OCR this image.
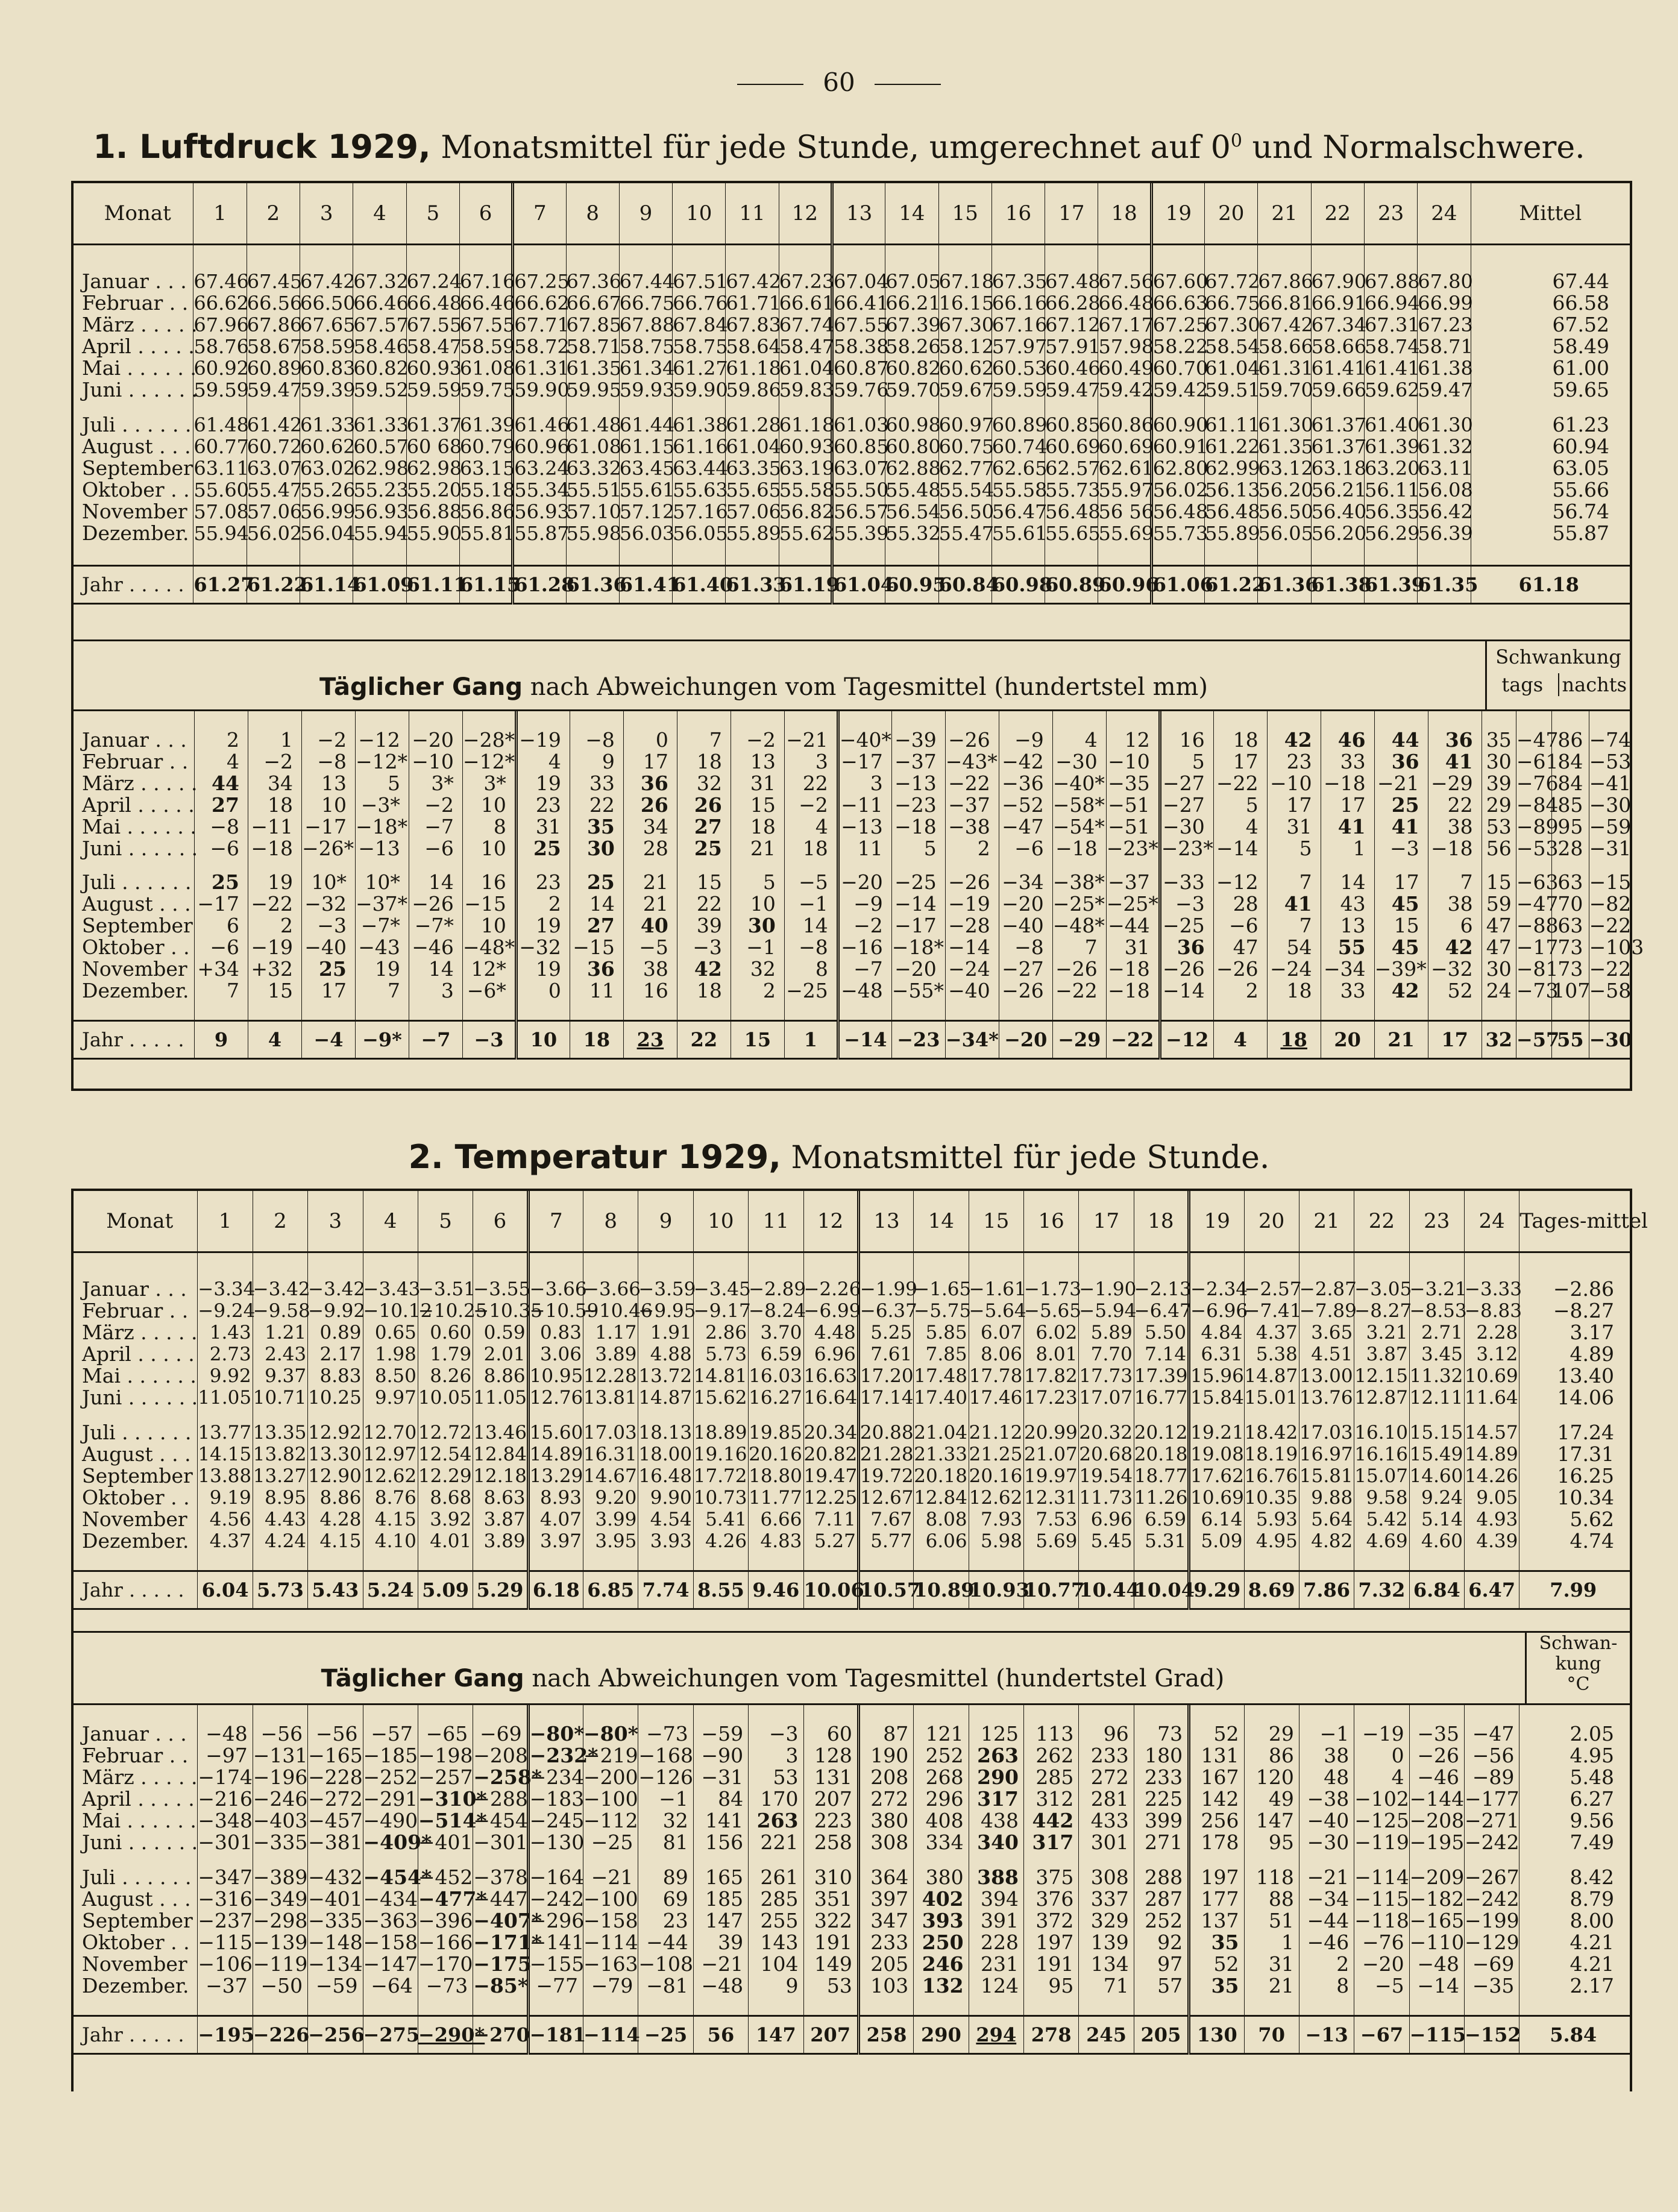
60
1. Luftdruck 1929, Monatsmittel für jede Stunde, umgerechnet auf $0^0$ und Normalschwere.
Monat	1	2	3	4	5	6	7	8	9	10	11	12	13	14	15	16	17	18	19	20	21	22	23	24	Mittel

Januar . . .	67.46	67.45	67.42	67.32	67.24	67.16	67.25	67.36	67.44	67.51	67.42	67.23	67.04	67.05	67.18	67.35	67.48	67.56	67.60	67.72	67.86	67.90	67.88	67.80	67.44
Februar . .	66.62	66.56	66.50	66.46	66.48	66.46	66.62	66.67	66.75	66.76	61.71	66.61	66.41	66.21	16.15	66.16	66.28	66.48	66.63	66.75	66.81	66.91	66.94	66.99	66.58
März . . . . .	67.96	67.86	67.65	67.57	67.55	67.55	67.71	67.85	67.88	67.84	67.83	67.74	67.55	67.39	67.30	67.16	67.12	67.17	67.25	67.30	67.42	67.34	67.31	67.23	67.52
April . . . . .	58.76	58.67	58.59	58.46	58.47	58.59	58.72	58.71	58.75	58.75	58.64	58.47	58.38	58.26	58.12	57.97	57.91	57.98	58.22	58.54	58.66	58.66	58.74	58.71	58.49
Mai . . . . . .	60.92	60.89	60.83	60.82	60.93	61.08	61.31	61.35	61.34	61.27	61.18	61.04	60.87	60.82	60.62	60.53	60.46	60.49	60.70	61.04	61.31	61.41	61.41	61.38	61.00
Juni . . . . . .	59.59	59.47	59.39	59.52	59.59	59.75	59.90	59.95	59.93	59.90	59.86	59.83	59.76	59.70	59.67	59.59	59.47	59.42	59.42	59.51	59.70	59.66	59.62	59.47	59.65
Juli . . . . . .	61.48	61.42	61.33	61.33	61.37	61.39	61.46	61.48	61.44	61.38	61.28	61.18	61.03	60.98	60.97	60.89	60.85	60.86	60.90	61.11	61.30	61.37	61.40	61.30	61.23
August . . .	60.77	60.72	60.62	60.57	60 68	60.79	60.96	61.08	61.15	61.16	61.04	60.93	60.85	60.80	60.75	60.74	60.69	60.69	60.91	61.22	61.35	61.37	61.39	61.32	60.94
September	63.11	63.07	63.02	62.98	62.98	63.15	63.24	63.32	63.45	63.44	63.35	63.19	63.07	62.88	62.77	62.65	62.57	62.61	62.80	62.99	63.12	63.18	63.20	63.11	63.05
Oktober . .	55.60	55.47	55.26	55.23	55.20	55.18	55.34	55.51	55.61	55.63	55.65	55.58	55.50	55.48	55.54	55.58	55.73	55.97	56.02	56.13	56.20	56.21	56.11	56.08	55.66
November	57.08	57.06	56.99	56.93	56.88	56.86	56.93	57.10	57.12	57.16	57.06	56.82	56.57	56.54	56.50	56.47	56.48	56 56	56.48	56.48	56.50	56.40	56.35	56.42	56.74
Dezember.	55.94	56.02	56.04	55.94	55.90	55.81	55.87	55.98	56.03	56.05	55.89	55.62	55.39	55.32	55.47	55.61	55.65	55.69	55.73	55.89	56.05	56.20	56.29	56.39	55.87

Jahr . . . . .	61.27	61.22	61.14	61.09	61.11	61.15	61.28	61.36	61.41	61.40	61.33	61.19	61.04	60.95	60.84	60.98	60.89	60.96	61.06	61.22	61.36	61.38	61.39	61.35	61.18
Täglicher Gang nach Abweichungen vom Tagesmittel (hundertstel mm)
Schwankung
tags nachts

Januar . . .	2	1	−2	−12	−20	−28*	−19	−8	0	7	−2	−21	−40*	−39	−26	−9	4	12	16	18	42	46	44	36	35	−47	86	−74
Februar . .	4	−2	−8	−12*	−10	−12*	4	9	17	18	13	3	−17	−37	−43*	−42	−30	−10	5	17	23	33	36	41	30	−61	84	−53
März . . . . .	44	34	13	5	3*	3*	19	33	36	32	31	22	3	−13	−22	−36	−40*	−35	−27	−22	−10	−18	−21	−29	39	−76	84	−41
April . . . . .	27	18	10	−3*	−2	10	23	22	26	26	15	−2	−11	−23	−37	−52	−58*	−51	−27	5	17	17	25	22	29	−84	85	−30
Mai . . . . . .	−8	−11	−17	−18*	−7	8	31	35	34	27	18	4	−13	−18	−38	−47	−54*	−51	−30	4	31	41	41	38	53	−89	95	−59
Juni . . . . . .	−6	−18	−26*	−13	−6	10	25	30	28	25	21	18	11	5	2	−6	−18	−23*	−23*	−14	5	1	−3	−18	56	−53	28	−31
Juli . . . . . .	25	19	10*	10*	14	16	23	25	21	15	5	−5	−20	−25	−26	−34	−38*	−37	−33	−12	7	14	17	7	15	−63	63	−15
August . . .	−17	−22	−32	−37*	−26	−15	2	14	21	22	10	−1	−9	−14	−19	−20	−25*	−25*	−3	28	41	43	45	38	59	−47	70	−82
September	6	2	−3	−7*	−7*	10	19	27	40	39	30	14	−2	−17	−28	−40	−48*	−44	−25	−6	7	13	15	6	47	−88	63	−22
Oktober . .	−6	−19	−40	−43	−46	−48*	−32	−15	−5	−3	−1	−8	−16	−18*	−14	−8	7	31	36	47	54	55	45	42	47	−17	73	−103
November	+34	+32	25	19	14	12*	19	36	38	42	32	8	−7	−20	−24	−27	−26	−18	−26	−26	−24	−34	−39*	−32	30	−81	73	−22
Dezember.	7	15	17	7	3	−6*	0	11	16	18	2	−25	−48	−55*	−40	−26	−22	−18	−14	2	18	33	42	52	24	−73	107	−58

Jahr . . . . .	9	4	−4	−9*	−7	−3	10	18	23	22	15	1	−14	−23	−34*	−20	−29	−22	−12	4	18	20	21	17	32	−57	55	−30
2. Temperatur 1929, Monatsmittel für jede Stunde.
Monat	1	2	3	4	5	6	7	8	9	10	11	12	13	14	15	16	17	18	19	20	21	22	23	24	Tages-mittel

Januar . . .	−3.34	−3.42	−3.42	−3.43	−3.51	−3.55	−3.66	−3.66	−3.59	−3.45	−2.89	−2.26	−1.99	−1.65	−1.61	−1.73	−1.90	−2.13	−2.34	−2.57	−2.87	−3.05	−3.21	−3.33	−2.86
Februar . .	−9.24	−9.58	−9.92	−10.12	−10.25	−10.35	−10.59	−10.46	−9.95	−9.17	−8.24	−6.99	−6.37	−5.75	−5.64	−5.65	−5.94	−6.47	−6.96	−7.41	−7.89	−8.27	−8.53	−8.83	−8.27
März . . . . .	1.43	1.21	0.89	0.65	0.60	0.59	0.83	1.17	1.91	2.86	3.70	4.48	5.25	5.85	6.07	6.02	5.89	5.50	4.84	4.37	3.65	3.21	2.71	2.28	3.17
April . . . . .	2.73	2.43	2.17	1.98	1.79	2.01	3.06	3.89	4.88	5.73	6.59	6.96	7.61	7.85	8.06	8.01	7.70	7.14	6.31	5.38	4.51	3.87	3.45	3.12	4.89
Mai . . . . . .	9.92	9.37	8.83	8.50	8.26	8.86	10.95	12.28	13.72	14.81	16.03	16.63	17.20	17.48	17.78	17.82	17.73	17.39	15.96	14.87	13.00	12.15	11.32	10.69	13.40
Juni . . . . . .	11.05	10.71	10.25	9.97	10.05	11.05	12.76	13.81	14.87	15.62	16.27	16.64	17.14	17.40	17.46	17.23	17.07	16.77	15.84	15.01	13.76	12.87	12.11	11.64	14.06
Juli . . . . . .	13.77	13.35	12.92	12.70	12.72	13.46	15.60	17.03	18.13	18.89	19.85	20.34	20.88	21.04	21.12	20.99	20.32	20.12	19.21	18.42	17.03	16.10	15.15	14.57	17.24
August . . .	14.15	13.82	13.30	12.97	12.54	12.84	14.89	16.31	18.00	19.16	20.16	20.82	21.28	21.33	21.25	21.07	20.68	20.18	19.08	18.19	16.97	16.16	15.49	14.89	17.31
September	13.88	13.27	12.90	12.62	12.29	12.18	13.29	14.67	16.48	17.72	18.80	19.47	19.72	20.18	20.16	19.97	19.54	18.77	17.62	16.76	15.81	15.07	14.60	14.26	16.25
Oktober . .	9.19	8.95	8.86	8.76	8.68	8.63	8.93	9.20	9.90	10.73	11.77	12.25	12.67	12.84	12.62	12.31	11.73	11.26	10.69	10.35	9.88	9.58	9.24	9.05	10.34
November	4.56	4.43	4.28	4.15	3.92	3.87	4.07	3.99	4.54	5.41	6.66	7.11	7.67	8.08	7.93	7.53	6.96	6.59	6.14	5.93	5.64	5.42	5.14	4.93	5.62
Dezember.	4.37	4.24	4.15	4.10	4.01	3.89	3.97	3.95	3.93	4.26	4.83	5.27	5.77	6.06	5.98	5.69	5.45	5.31	5.09	4.95	4.82	4.69	4.60	4.39	4.74

Jahr . . . . .	6.04	5.73	5.43	5.24	5.09	5.29	6.18	6.85	7.74	8.55	9.46	10.06	10.57	10.89	10.93	10.77	10.44	10.04	9.29	8.69	7.86	7.32	6.84	6.47	7.99
Täglicher Gang nach Abweichungen vom Tagesmittel (hundertstel Grad)
Schwan-kung
°C

Januar . . .	−48	−56	−56	−57	−65	−69	−80*	−80*	−73	−59	−3	60	87	121	125	113	96	73	52	29	−1	−19	−35	−47	2.05
Februar . .	−97	−131	−165	−185	−198	−208	−232*	−219	−168	−90	3	128	190	252	263	262	233	180	131	86	38	0	−26	−56	4.95
März . . . . .	−174	−196	−228	−252	−257	−258*	−234	−200	−126	−31	53	131	208	268	290	285	272	233	167	120	48	4	−46	−89	5.48
April . . . . .	−216	−246	−272	−291	−310*	−288	−183	−100	−1	84	170	207	272	296	317	312	281	225	142	49	−38	−102	−144	−177	6.27
Mai . . . . . .	−348	−403	−457	−490	−514*	−454	−245	−112	32	141	263	223	380	408	438	442	433	399	256	147	−40	−125	−208	−271	9.56
Juni . . . . . .	−301	−335	−381	−409*	−401	−301	−130	−25	81	156	221	258	308	334	340	317	301	271	178	95	−30	−119	−195	−242	7.49
Juli . . . . . .	−347	−389	−432	−454*	−452	−378	−164	−21	89	165	261	310	364	380	388	375	308	288	197	118	−21	−114	−209	−267	8.42
August . . .	−316	−349	−401	−434	−477*	−447	−242	−100	69	185	285	351	397	402	394	376	337	287	177	88	−34	−115	−182	−242	8.79
September	−237	−298	−335	−363	−396	−407*	−296	−158	23	147	255	322	347	393	391	372	329	252	137	51	−44	−118	−165	−199	8.00
Oktober . .	−115	−139	−148	−158	−166	−171*	−141	−114	−44	39	143	191	233	250	228	197	139	92	35	1	−46	−76	−110	−129	4.21
November	−106	−119	−134	−147	−170	−175	−155	−163	−108	−21	104	149	205	246	231	191	134	97	52	31	2	−20	−48	−69	4.21
Dezember.	−37	−50	−59	−64	−73	−85*	−77	−79	−81	−48	9	53	103	132	124	95	71	57	35	21	8	−5	−14	−35	2.17

Jahr . . . . .	−195	−226	−256	−275	−290*	−270	−181	−114	−25	56	147	207	258	290	294	278	245	205	130	70	−13	−67	−115	−152	5.84
